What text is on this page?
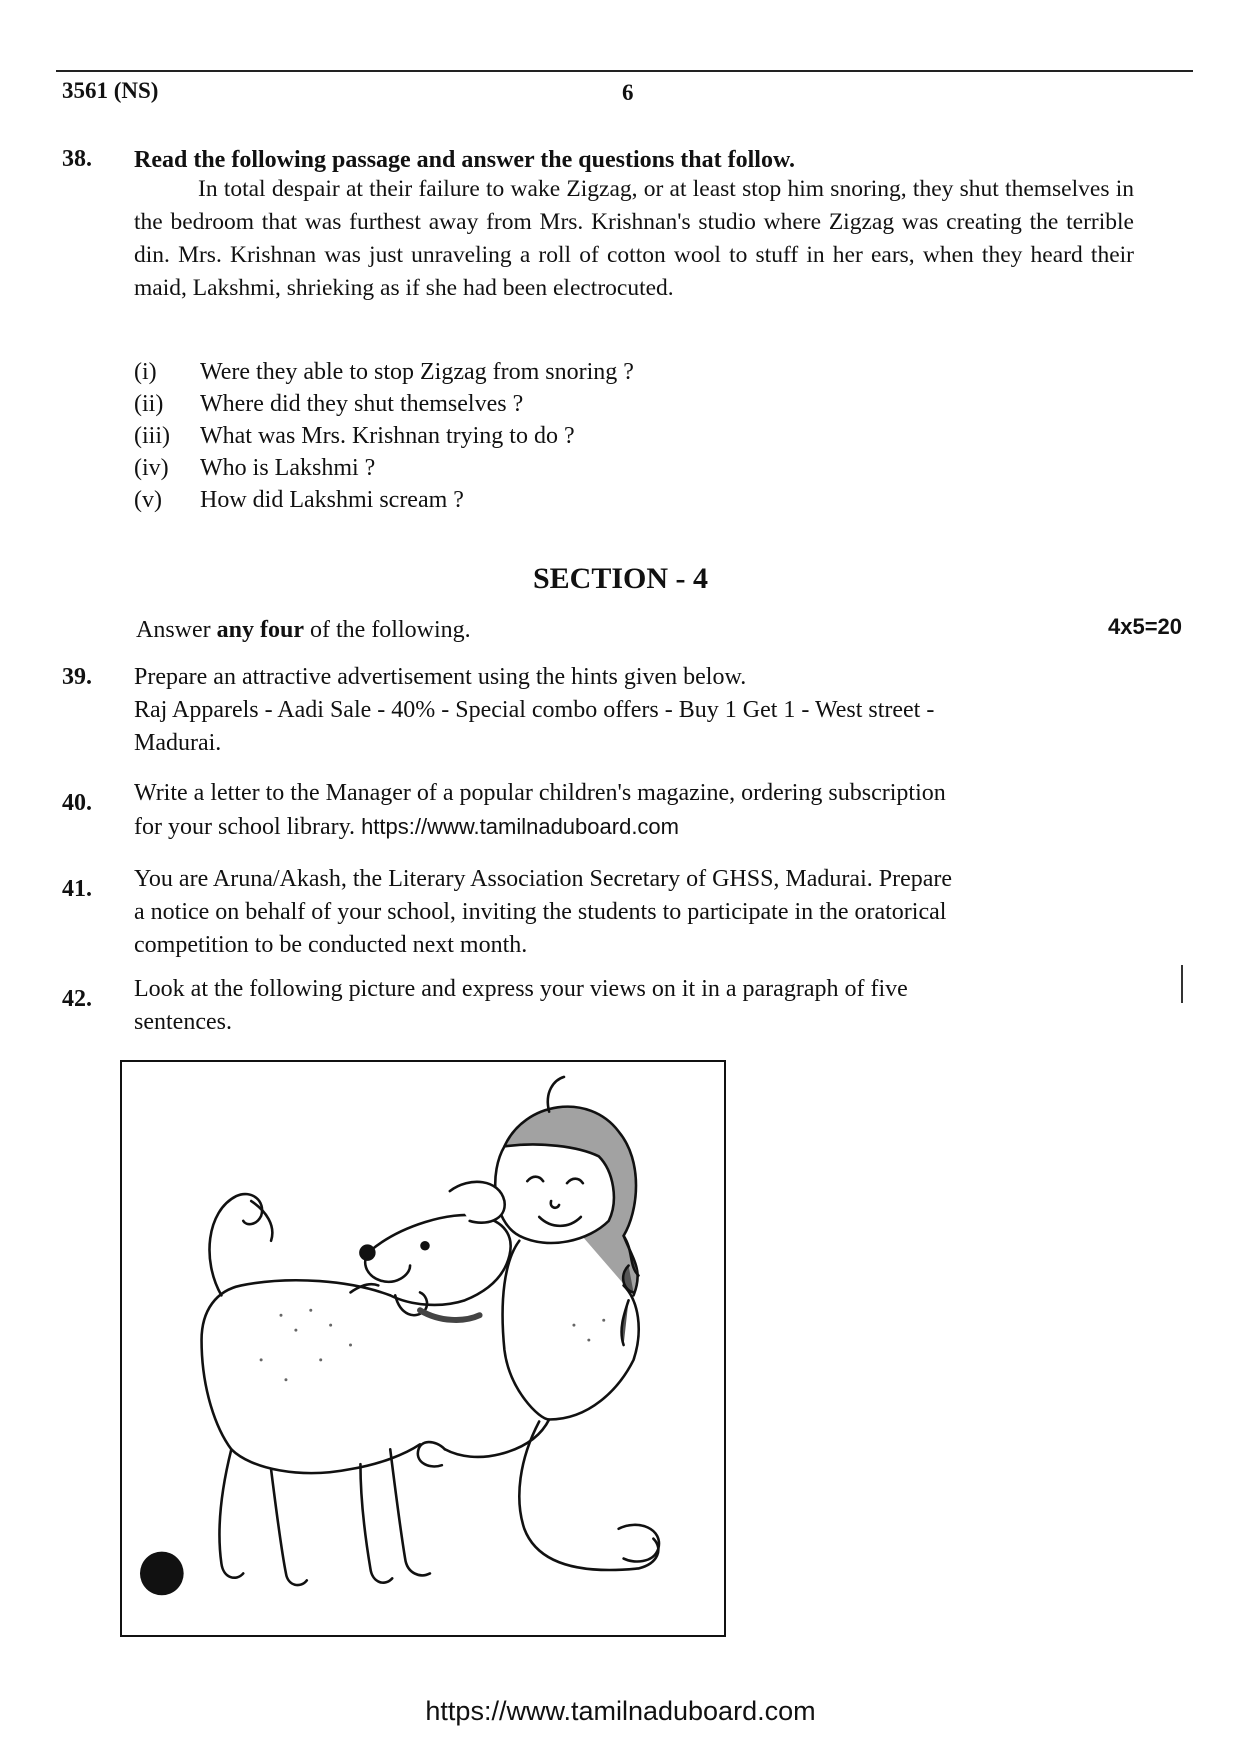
3561 (NS)	6
38. Read the following passage and answer the questions that follow.
In total despair at their failure to wake Zigzag, or at least stop him snoring, they shut themselves in the bedroom that was furthest away from Mrs. Krishnan's studio where Zigzag was creating the terrible din. Mrs. Krishnan was just unraveling a roll of cotton wool to stuff in her ears, when they heard their maid, Lakshmi, shrieking as if she had been electrocuted.
(i)	Were they able to stop Zigzag from snoring ?
(ii)	Where did they shut themselves ?
(iii)	What was Mrs. Krishnan trying to do ?
(iv)	Who is Lakshmi ?
(v)	How did Lakshmi scream ?
SECTION - 4
Answer any four of the following.	4x5=20
39. Prepare an attractive advertisement using the hints given below.
Raj Apparels - Aadi Sale - 40% - Special combo offers - Buy 1 Get 1 - West street -
Madurai.
40. Write a letter to the Manager of a popular children's magazine, ordering subscription
for your school library. https://www.tamilnaduboard.com
41. You are Aruna/Akash, the Literary Association Secretary of GHSS, Madurai. Prepare
a notice on behalf of your school, inviting the students to participate in the oratorical
competition to be conducted next month.
42. Look at the following picture and express your views on it in a paragraph of five
sentences.
https://www.tamilnaduboard.com
